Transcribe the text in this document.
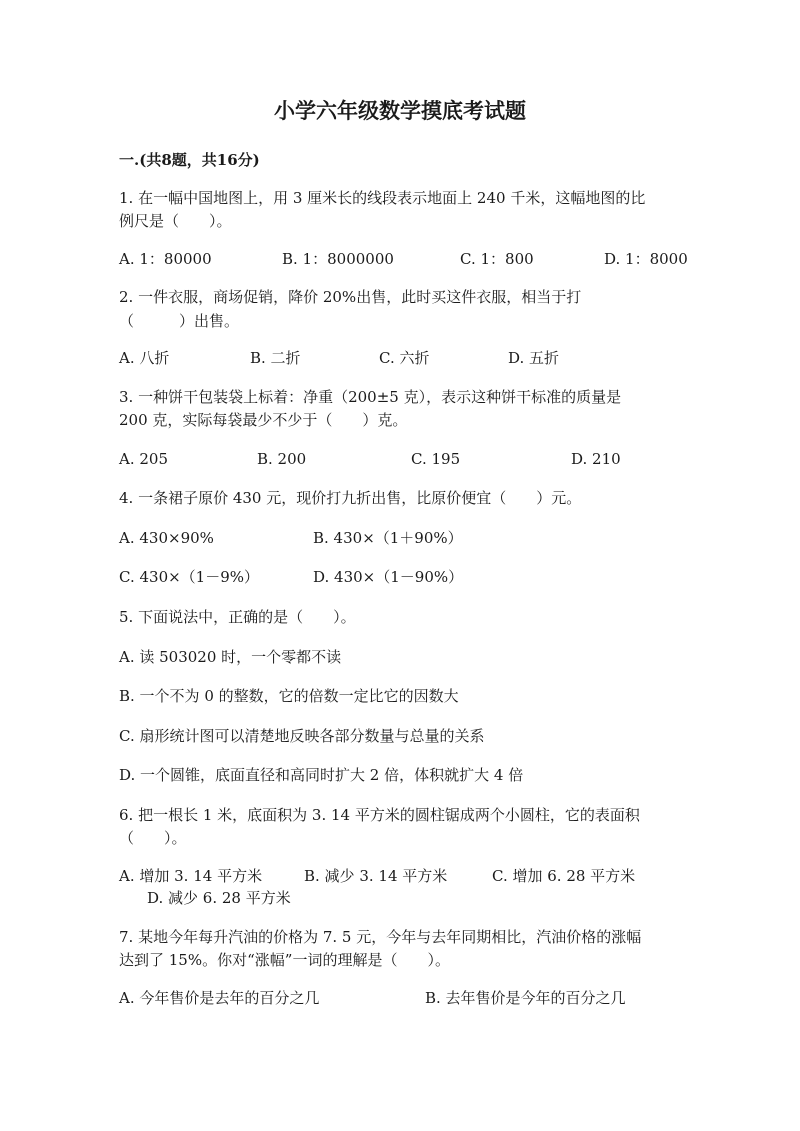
小学六年级数学摸底考试题
一.(共8题，共16分)
1. 在一幅中国地图上，用 3 厘米长的线段表示地面上 240 千米，这幅地图的比
例尺是（　　）。
A. 1：80000	B. 1：8000000	C. 1：800	D. 1：8000
2. 一件衣服，商场促销，降价 20%出售，此时买这件衣服，相当于打
（　　　）出售。
A. 八折	B. 二折	C. 六折	D. 五折
3. 一种饼干包装袋上标着：净重（200±5 克），表示这种饼干标准的质量是
200 克，实际每袋最少不少于（　　）克。
A. 205	B. 200	C. 195	D. 210
4. 一条裙子原价 430 元，现价打九折出售，比原价便宜（　　）元。
A. 430×90%	B. 430×（1＋90%）
C. 430×（1－9%）	D. 430×（1－90%）
5. 下面说法中，正确的是（　　）。
A. 读 503020 时，一个零都不读
B. 一个不为 0 的整数，它的倍数一定比它的因数大
C. 扇形统计图可以清楚地反映各部分数量与总量的关系
D. 一个圆锥，底面直径和高同时扩大 2 倍，体积就扩大 4 倍
6. 把一根长 1 米，底面积为 3. 14 平方米的圆柱锯成两个小圆柱，它的表面积
（　　）。
A. 增加 3. 14 平方米	B. 减少 3. 14 平方米	C. 增加 6. 28 平方米
D. 减少 6. 28 平方米
7. 某地今年每升汽油的价格为 7. 5 元，今年与去年同期相比，汽油价格的涨幅
达到了 15%。你对“涨幅”一词的理解是（　　）。
A. 今年售价是去年的百分之几	B. 去年售价是今年的百分之几
